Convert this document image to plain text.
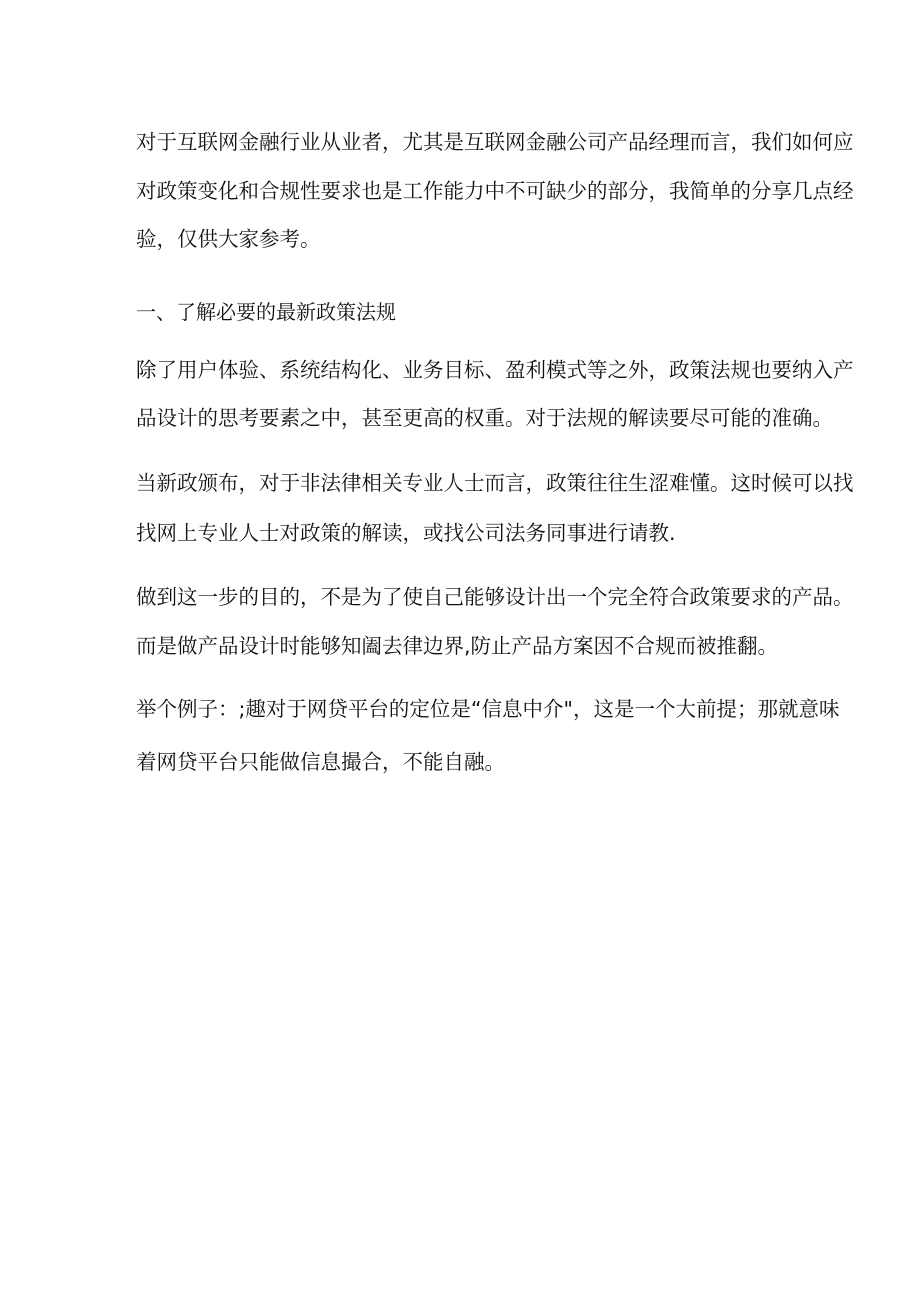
对于互联网金融行业从业者，尤其是互联网金融公司产品经理而言，我们如何应
对政策变化和合规性要求也是工作能力中不可缺少的部分，我简单的分享几点经
验，仅供大家参考。
一、了解必要的最新政策法规
除了用户体验、系统结构化、业务目标、盈利模式等之外，政策法规也要纳入产
品设计的思考要素之中，甚至更高的权重。对于法规的解读要尽可能的准确。
当新政颁布，对于非法律相关专业人士而言，政策往往生涩难懂。这时候可以找
找网上专业人士对政策的解读，或找公司法务同事进行请教.
做到这一步的目的，不是为了使自己能够设计出一个完全符合政策要求的产品。
而是做产品设计时能够知阖去律边界,防止产品方案因不合规而被推翻。
举个例子：;趣对于网贷平台的定位是“信息中介"，这是一个大前提；那就意味
着网贷平台只能做信息撮合，不能自融。
